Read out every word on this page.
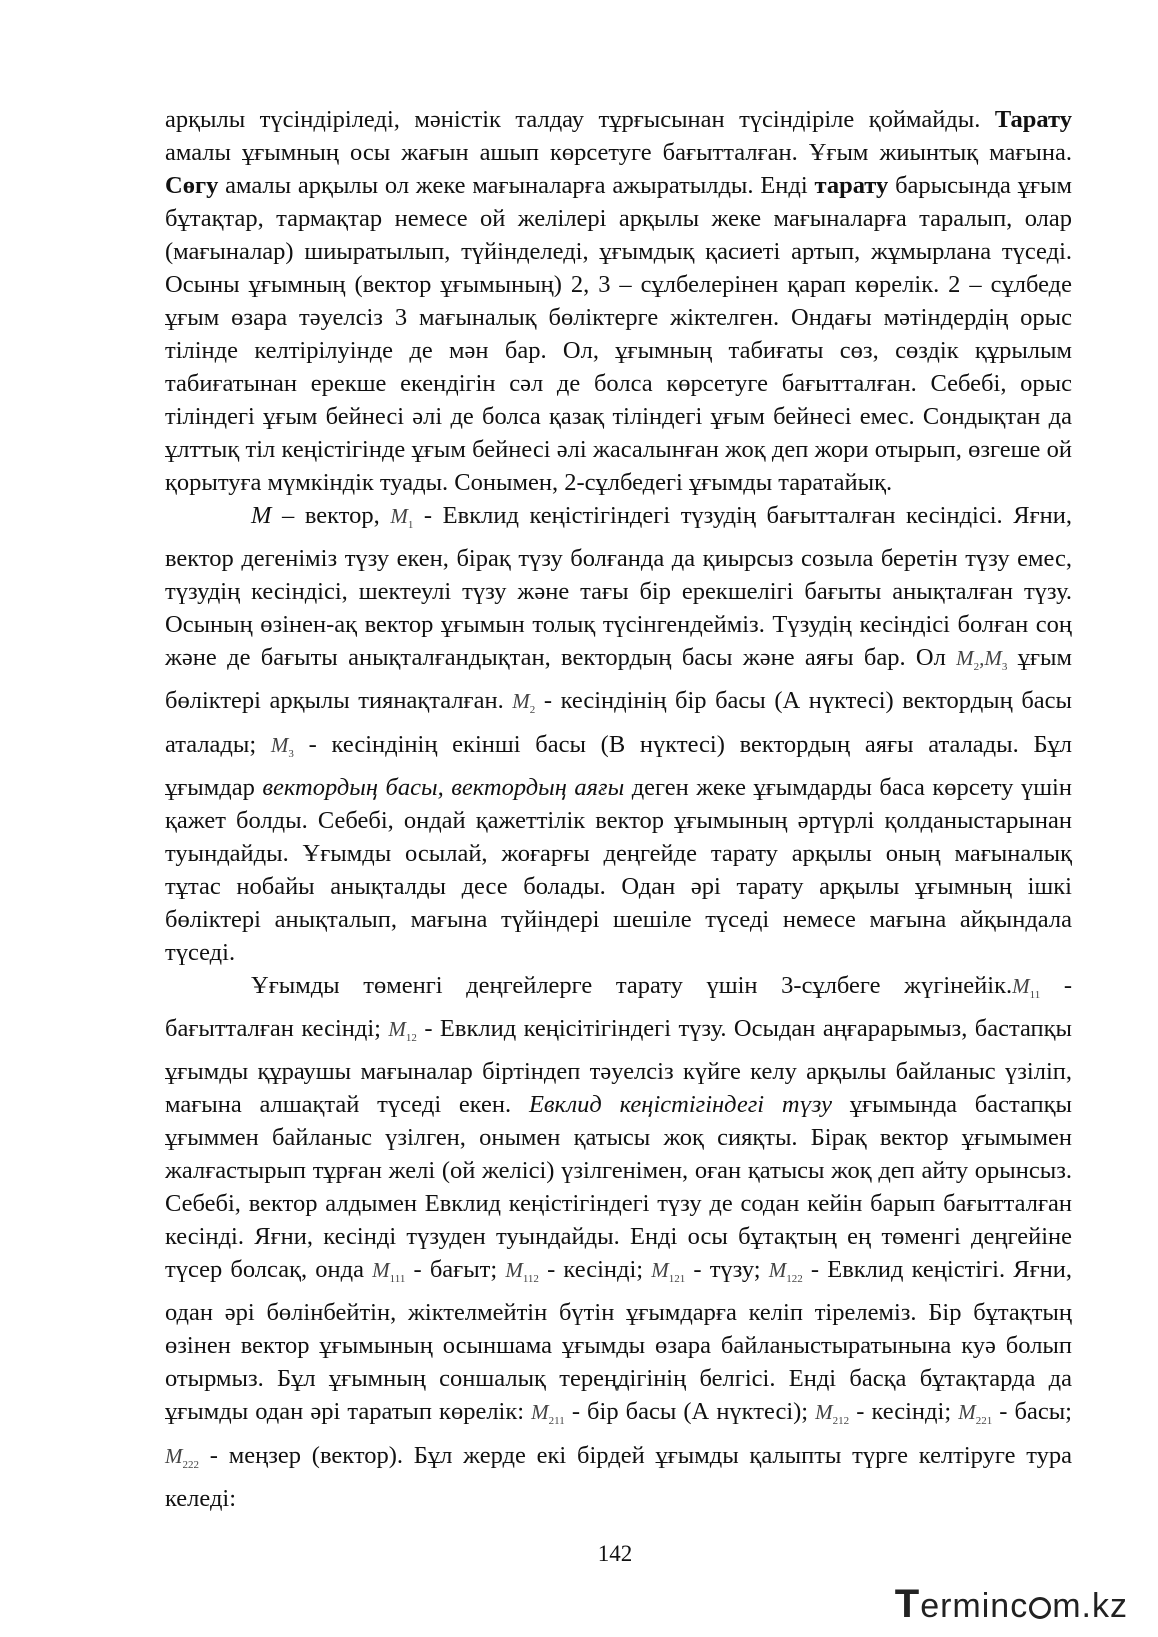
арқылы түсіндіріледі, мәністік талдау тұрғысынан түсіндіріле қоймайды. Тарату амалы ұғымның осы жағын ашып көрсетуге бағытталған. Ұғым жиынтық мағына. Сөгу амалы арқылы ол жеке мағыналарға ажыратылды. Енді тарату барысында ұғым бұтақтар, тармақтар немесе ой желілері арқылы жеке мағыналарға таралып, олар (мағыналар) шиыратылып, түйінделеді, ұғымдық қасиеті артып, жұмырлана түседі. Осыны ұғымның (вектор ұғымының) 2, 3 – сұлбелерінен қарап көрелік. 2 – сұлбеде ұғым өзара тәуелсіз 3 мағыналық бөліктерге жіктелген. Ондағы мәтіндердің орыс тілінде келтірілуінде де мән бар. Ол, ұғымның табиғаты сөз, сөздік құрылым табиғатынан ерекше екендігін сәл де болса көрсетуге бағытталған. Себебі, орыс тіліндегі ұғым бейнесі әлі де болса қазақ тіліндегі ұғым бейнесі емес. Сондықтан да ұлттық тіл кеңістігінде ұғым бейнесі әлі жасалынған жоқ деп жори отырып, өзгеше ой қорытуға мүмкіндік туады. Сонымен, 2-сұлбедегі ұғымды таратайық.

M – вектор, $M_1$ - Евклид кеңістігіндегі түзудің бағытталған кесіндісі. Яғни, вектор дегеніміз түзу екен, бірақ түзу болғанда да қиырсыз созыла беретін түзу емес, түзудің кесіндісі, шектеулі түзу және тағы бір ерекшелігі бағыты анықталған түзу. Осының өзінен-ақ вектор ұғымын толық түсінгендейміз. Түзудің кесіндісі болған соң және де бағыты анықталғандықтан, вектордың басы және аяғы бар. Ол $M_2,M_3$ ұғым бөліктері арқылы тиянақталған. $M_2$ - кесіндінің бір басы (А нүктесі) вектордың басы аталады; $M_3$ - кесіндінің екінші басы (В нүктесі) вектордың аяғы аталады. Бұл ұғымдар вектордың басы, вектордың аяғы деген жеке ұғымдарды баса көрсету үшін қажет болды. Себебі, ондай қажеттілік вектор ұғымының әртүрлі қолданыстарынан туындайды. Ұғымды осылай, жоғарғы деңгейде тарату арқылы оның мағыналық тұтас нобайы анықталды десе болады. Одан әрі тарату арқылы ұғымның ішкі бөліктері анықталып, мағына түйіндері шешіле түседі немесе мағына айқындала түседі.

Ұғымды төменгі деңгейлерге тарату үшін 3-сұлбеге $жүгінейік.M_{11}$ - бағытталған кесінді; $M_{12}$ - Евклид кеңісітігіндегі түзу. Осыдан аңғарарымыз, бастапқы ұғымды құраушы мағыналар біртіндеп тәуелсіз күйге келу арқылы байланыс үзіліп, мағына алшақтай түседі екен. Евклид кеңістігіндегі түзу ұғымында бастапқы ұғыммен байланыс үзілген, онымен қатысы жоқ сияқты. Бірақ вектор ұғымымен жалғастырып тұрған желі (ой желісі) үзілгенімен, оған қатысы жоқ деп айту орынсыз. Себебі, вектор алдымен Евклид кеңістігіндегі түзу де содан кейін барып бағытталған кесінді. Яғни, кесінді түзуден туындайды. Енді осы бұтақтың ең төменгі деңгейіне түсер болсақ, онда $M_{111}$ - бағыт; $M_{112}$ - кесінді; $M_{121}$ - түзу; $M_{122}$ - Евклид кеңістігі. Яғни, одан әрі бөлінбейтін, жіктелмейтін бүтін ұғымдарға келіп тірелеміз. Бір бұтақтың өзінен вектор ұғымының осыншама ұғымды өзара байланыстыратынына куә болып отырмыз. Бұл ұғымның соншалық тереңдігінің белгісі. Енді басқа бұтақтарда да ұғымды одан әрі таратып көрелік: $M_{211}$ - бір басы (А нүктесі); $M_{212}$ - кесінді; $M_{221}$ - басы; $M_{222}$ - меңзер (вектор). Бұл жерде екі бірдей ұғымды қалыпты түрге келтіруге тура келеді:

142
Terminc m.kz
